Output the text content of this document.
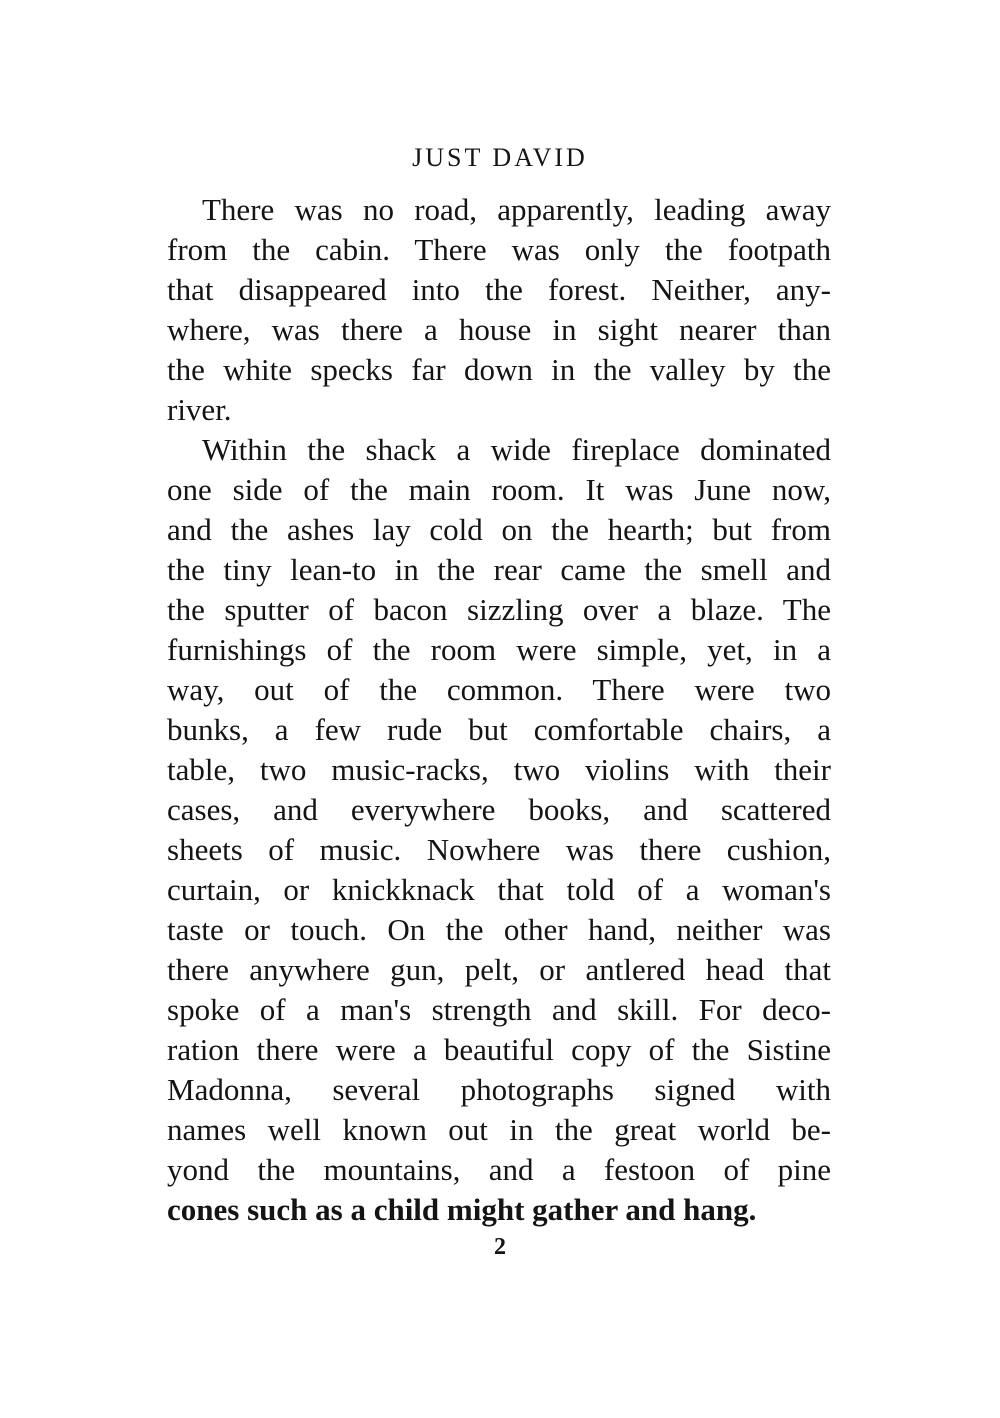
JUST DAVID

There was no road, apparently, leading away
from the cabin. There was only the footpath
that disappeared into the forest. Neither, any-
where, was there a house in sight nearer than
the white specks far down in the valley by the
river.

Within the shack a wide fireplace dominated
one side of the main room. It was June now,
and the ashes lay cold on the hearth; but from
the tiny lean-to in the rear came the smell and
the sputter of bacon sizzling over a blaze. The
furnishings of the room were simple, yet, in a
way, out of the common. There were two
bunks, a few rude but comfortable chairs, a
table, two music-racks, two violins with their
cases, and everywhere books, and scattered
sheets of music. Nowhere was there cushion,
curtain, or knickknack that told of a woman's
taste or touch. On the other hand, neither was
there anywhere gun, pelt, or antlered head that
spoke of a man's strength and skill. For deco-
ration there were a beautiful copy of the Sistine
Madonna, several photographs signed with
names well known out in the great world be-
yond the mountains, and a festoon of pine
cones such as a child might gather and hang.

2
